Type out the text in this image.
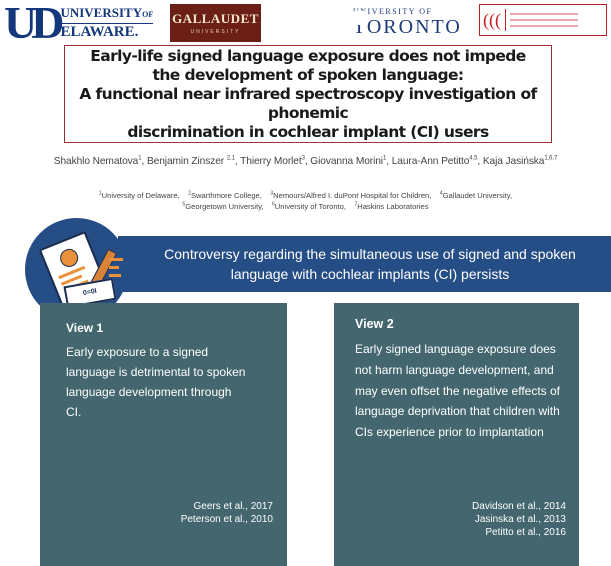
UD UNIVERSITYOF
ELAWARE.
GALLAUDET
UNIVERSITY
UNIVERSITY OF
TORONTO (((
Early-life signed language exposure does not impede
the development of spoken language:
A functional near infrared spectroscopy investigation of phonemic
discrimination in cochlear implant (CI) users
Shakhlo Nematova$^1$, Benjamin Zinszer $^{2,1}$, Thierry Morlet$^3$, Giovanna Morini$^1$, Laura-Ann Petitto$^{4,5}$, Kaja Jasińska$^{1,6,7}$
$^1$University of Delaware, $^2$Swarthmore College, $^3$Nemours/Alfred I. duPont Hospital for Children, $^4$Gallaudet University,
$^5$Georgetown University, $^6$University of Toronto, $^7$Haskins Laboratories
Controversy regarding the simultaneous use of signed and spoken language with cochlear implants (CI) persists
0=0I
View 1
Early exposure to a signed language is detrimental to spoken language development through CI.
Geers et al., 2017
Peterson et al., 2010
View 2
Early signed language exposure does not harm language development, and may even offset the negative effects of language deprivation that children with CIs experience prior to implantation
Davidson et al., 2014
Jasinska et al., 2013
Petitto et al., 2016
